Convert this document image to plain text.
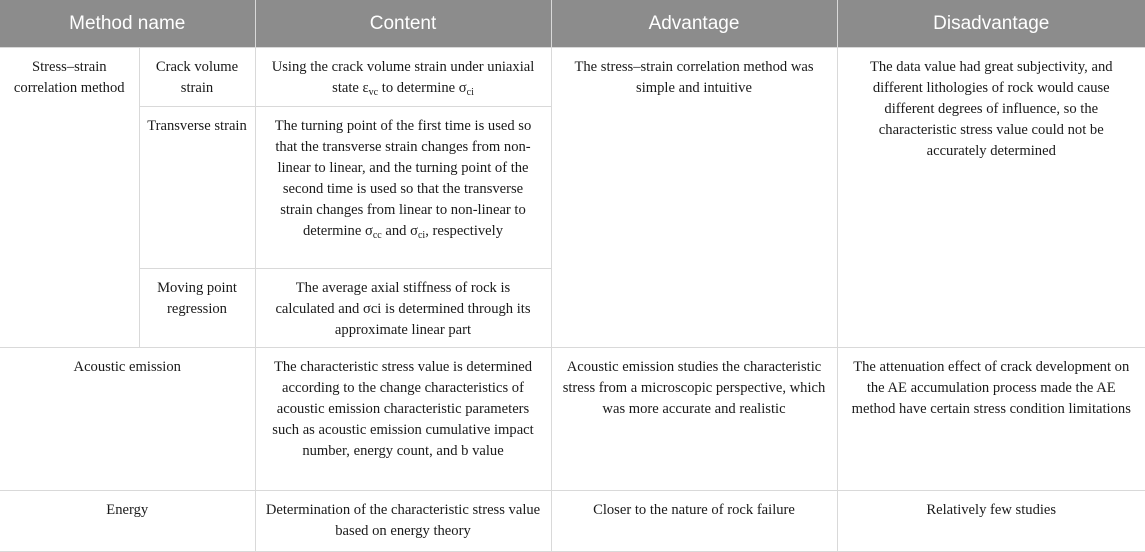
Method name		Content	Advantage	Disadvantage
Stress–strain correlation method	Crack volume strain	Using the crack volume strain under uniaxial state $\varepsilon_{vc}$ to determine $\sigma_{ci}$	The stress–strain correlation method was simple and intuitive	The data value had great subjectivity, and different lithologies of rock would cause different degrees of influence, so the characteristic stress value could not be accurately determined
	Transverse strain	The turning point of the first time is used so that the transverse strain changes from non-linear to linear, and the turning point of the second time is used so that the transverse strain changes from linear to non-linear to determine $\sigma_{cc}$ and $\sigma_{ci}$, respectively		
	Moving point regression	The average axial stiffness of rock is calculated and σci is determined through its approximate linear part		
Acoustic emission		The characteristic stress value is determined according to the change characteristics of acoustic emission characteristic parameters such as acoustic emission cumulative impact number, energy count, and b value	Acoustic emission studies the characteristic stress from a microscopic perspective, which was more accurate and realistic	The attenuation effect of crack development on the AE accumulation process made the AE method have certain stress condition limitations
Energy		Determination of the characteristic stress value based on energy theory	Closer to the nature of rock failure	Relatively few studies
